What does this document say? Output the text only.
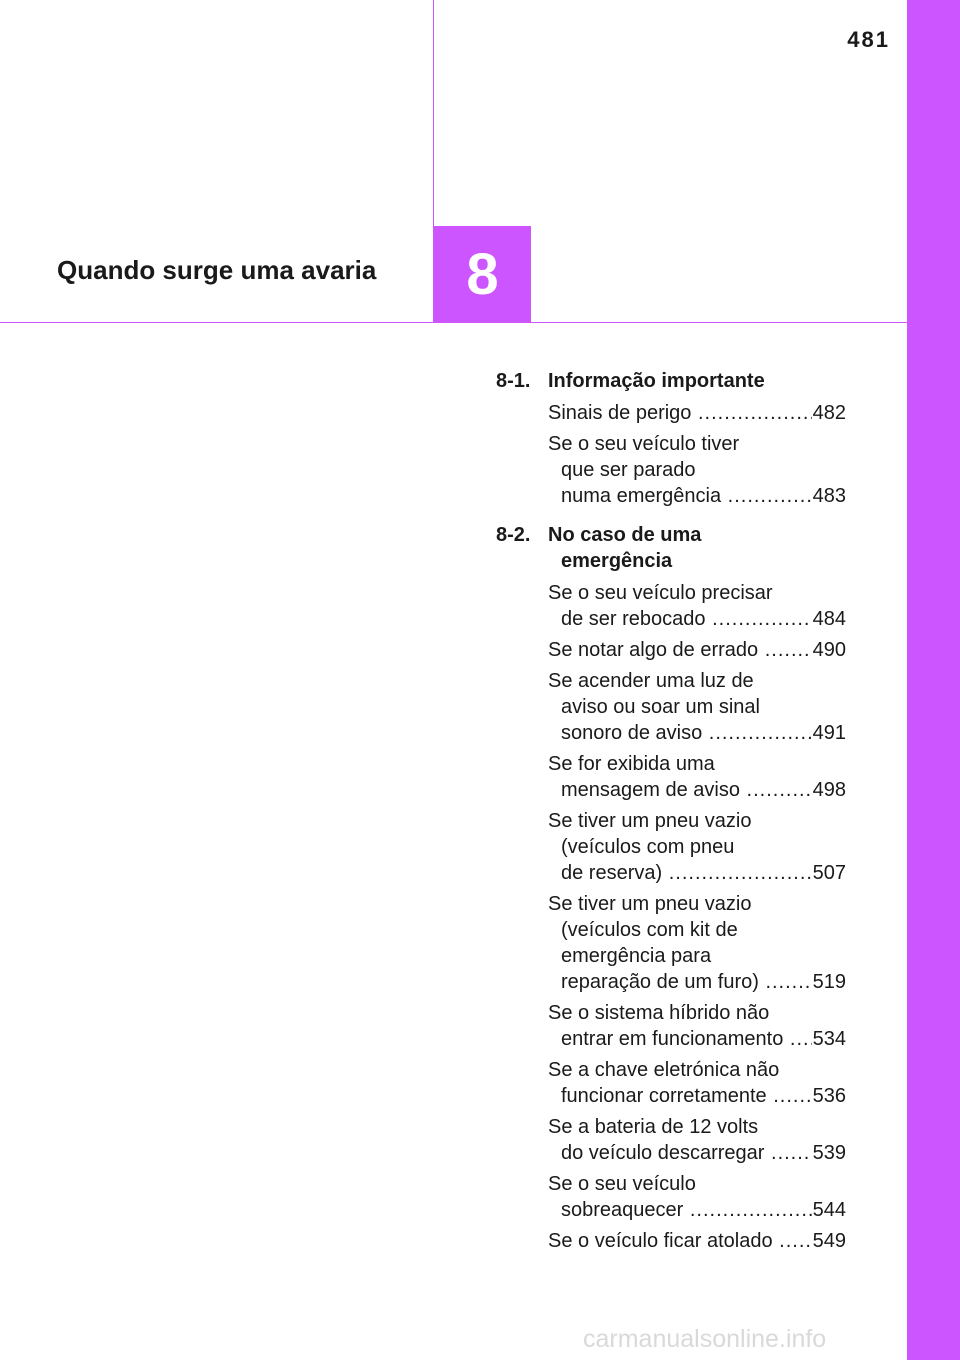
481
Quando surge uma avaria 8
8-1. Informação importante
Sinais de perigo .....	482
Se o seu veículo tiver
que ser parado
numa emergência .....	483
8-2. No caso de uma
emergência
Se o seu veículo precisar
de ser rebocado .....	484
Se notar algo de errado .....	490
Se acender uma luz de
aviso ou soar um sinal
sonoro de aviso .....	491
Se for exibida uma
mensagem de aviso .....	498
Se tiver um pneu vazio
(veículos com pneu
de reserva) .....	507
Se tiver um pneu vazio
(veículos com kit de
emergência para
reparação de um furo) .....	519
Se o sistema híbrido não
entrar em funcionamento .....	534
Se a chave eletrónica não
funcionar corretamente .....	536
Se a bateria de 12 volts
do veículo descarregar .....	539
Se o seu veículo
sobreaquecer .....	544
Se o veículo ficar atolado .....	549
carmanualsonline.info
